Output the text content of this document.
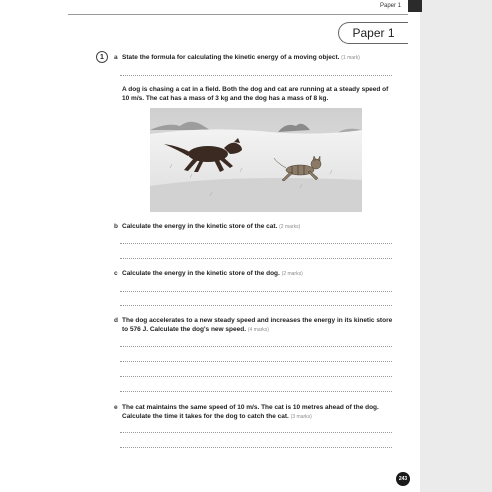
Paper 1
Paper 1
1	a State the formula for calculating the kinetic energy of a moving object. (1 mark)
A dog is chasing a cat in a field. Both the dog and cat are running at a steady speed of 10 m/s. The cat has a mass of 3 kg and the dog has a mass of 8 kg.
b Calculate the energy in the kinetic store of the cat. (2 marks)
c Calculate the energy in the kinetic store of the dog. (2 marks)
d The dog accelerates to a new steady speed and increases the energy in its kinetic store to 576 J. Calculate the dog's new speed. (4 marks)
e The cat maintains the same speed of 10 m/s. The cat is 10 metres ahead of the dog. Calculate the time it takes for the dog to catch the cat. (3 marks)
243
